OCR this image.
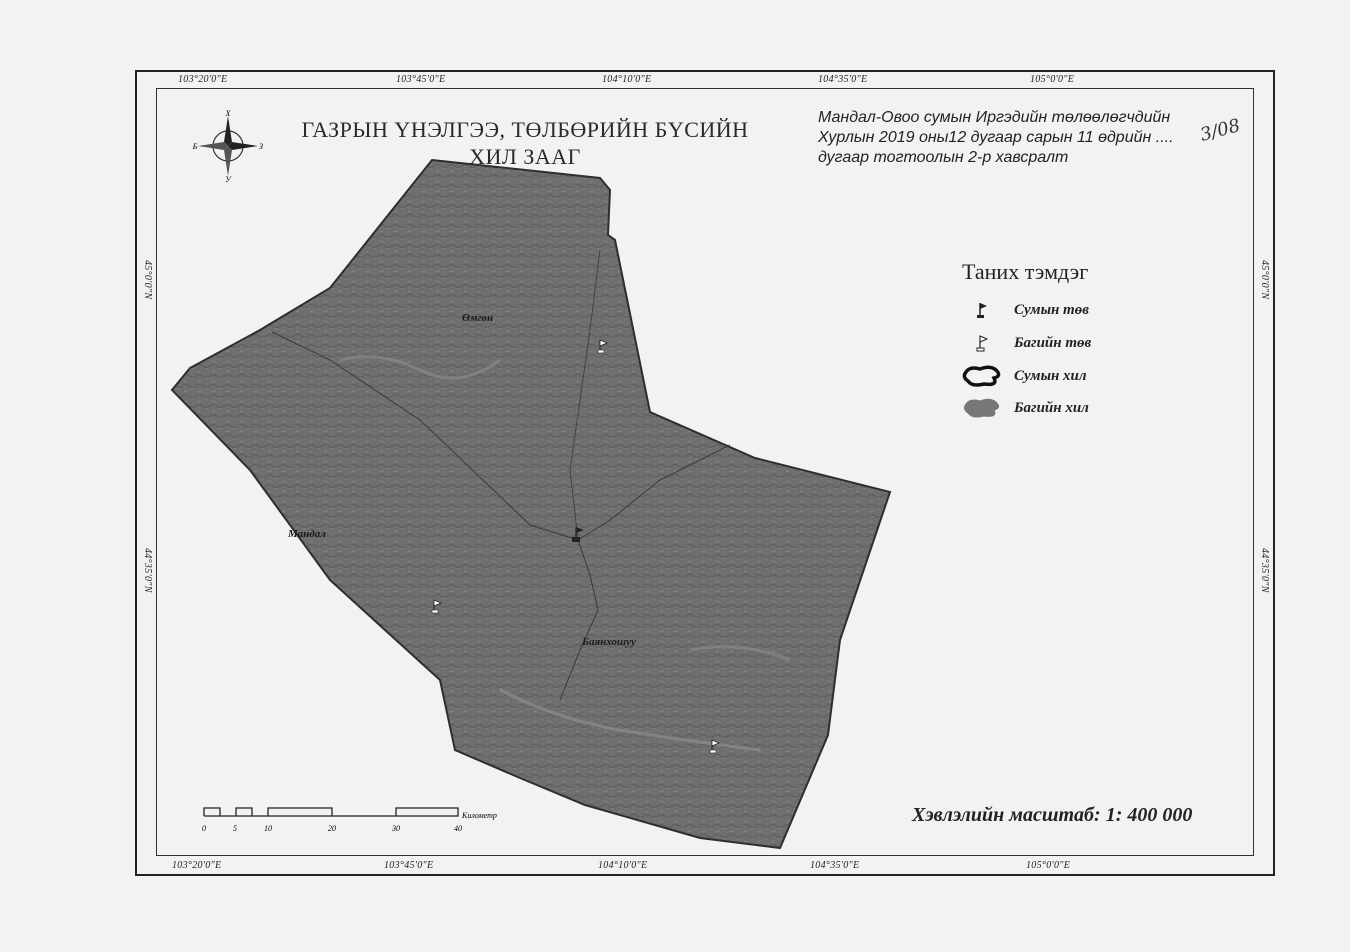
103°20'0"E	103°45'0"E	104°10'0"E	104°35'0"E	105°0'0"E
103°20'0"E	103°45'0"E	104°10'0"E	104°35'0"E	105°0'0"E
45°0'0"N
44°35'0"N
45°0'0"N
44°35'0"N
Өмгөн
Мандал
Баянхошуу
ГАЗРЫН ҮНЭЛГЭЭ, ТӨЛБӨРИЙН БҮСИЙН
ХИЛ ЗААГ
Х
У
Б	З
Мандал-Овоо сумын Иргэдийн төлөөлөгчдийн
Хурлын 2019 оны12 дугаар сарын 11 өдрийн ....
дугаар тогтоолын 2-р хавсралт
3/08
Таних тэмдэг
Сумын төв
Багийн төв
Сумын хил
Багийн хил
0	5	10	20	30	40
Километр	Хэвлэлийн масштаб: 1: 400 000
